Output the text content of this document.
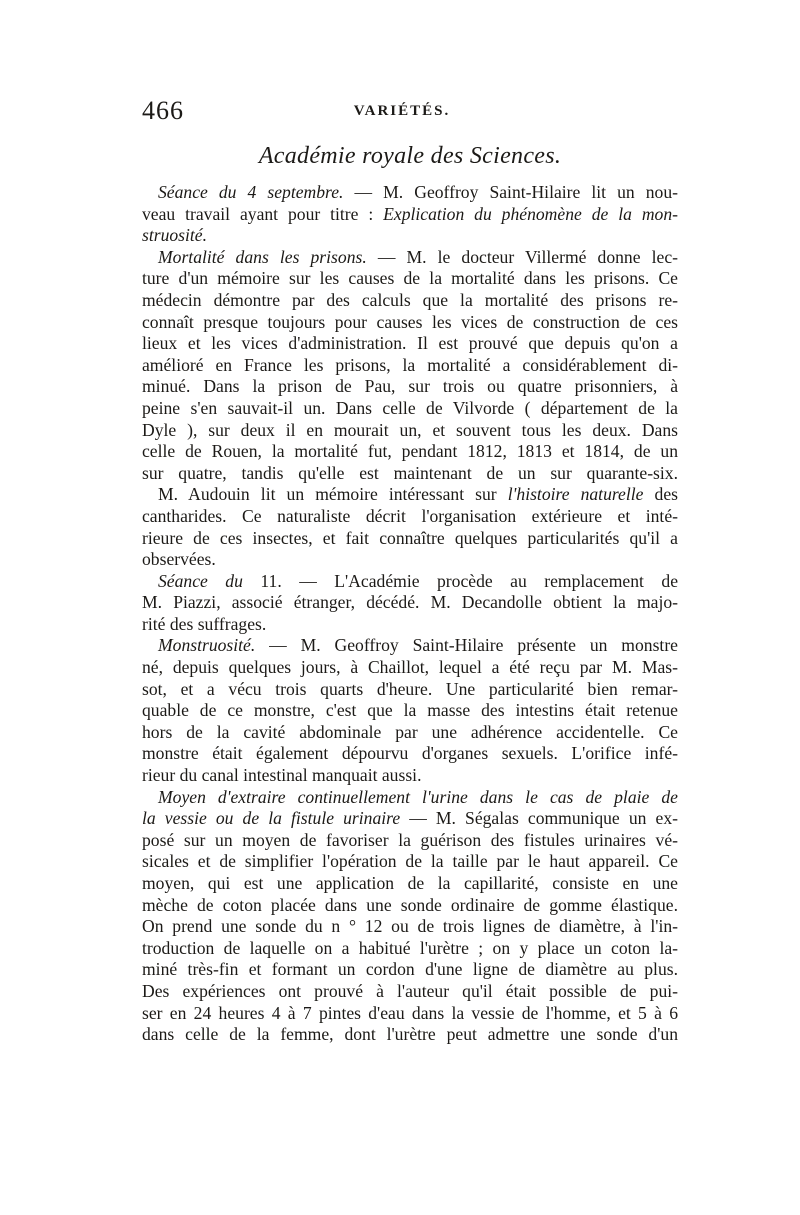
466	VARIÉTÉS.
Académie royale des Sciences.

Séance du 4 septembre. — M. Geoffroy Saint-Hilaire lit un nou-
veau travail ayant pour titre : Explication du phénomène de la mon-
struosité.

Mortalité dans les prisons. — M. le docteur Villermé donne lec-
ture d'un mémoire sur les causes de la mortalité dans les prisons. Ce
médecin démontre par des calculs que la mortalité des prisons re-
connaît presque toujours pour causes les vices de construction de ces
lieux et les vices d'administration. Il est prouvé que depuis qu'on a
amélioré en France les prisons, la mortalité a considérablement di-
minué. Dans la prison de Pau, sur trois ou quatre prisonniers, à
peine s'en sauvait-il un. Dans celle de Vilvorde ( département de la
Dyle ), sur deux il en mourait un, et souvent tous les deux. Dans
celle de Rouen, la mortalité fut, pendant 1812, 1813 et 1814, de un
sur quatre, tandis qu'elle est maintenant de un sur quarante-six.

M. Audouin lit un mémoire intéressant sur l'histoire naturelle des
cantharides. Ce naturaliste décrit l'organisation extérieure et inté-
rieure de ces insectes, et fait connaître quelques particularités qu'il a
observées.

Séance du 11. — L'Académie procède au remplacement de
M. Piazzi, associé étranger, décédé. M. Decandolle obtient la majo-
rité des suffrages.

Monstruosité. — M. Geoffroy Saint-Hilaire présente un monstre
né, depuis quelques jours, à Chaillot, lequel a été reçu par M. Mas-
sot, et a vécu trois quarts d'heure. Une particularité bien remar-
quable de ce monstre, c'est que la masse des intestins était retenue
hors de la cavité abdominale par une adhérence accidentelle. Ce
monstre était également dépourvu d'organes sexuels. L'orifice infé-
rieur du canal intestinal manquait aussi.

Moyen d'extraire continuellement l'urine dans le cas de plaie de
la vessie ou de la fistule urinaire — M. Ségalas communique un ex-
posé sur un moyen de favoriser la guérison des fistules urinaires vé-
sicales et de simplifier l'opération de la taille par le haut appareil. Ce
moyen, qui est une application de la capillarité, consiste en une
mèche de coton placée dans une sonde ordinaire de gomme élastique.
On prend une sonde du n ° 12 ou de trois lignes de diamètre, à l'in-
troduction de laquelle on a habitué l'urètre ; on y place un coton la-
miné très-fin et formant un cordon d'une ligne de diamètre au plus.
Des expériences ont prouvé à l'auteur qu'il était possible de pui-
ser en 24 heures 4 à 7 pintes d'eau dans la vessie de l'homme, et 5 à 6
dans celle de la femme, dont l'urètre peut admettre une sonde d'un
